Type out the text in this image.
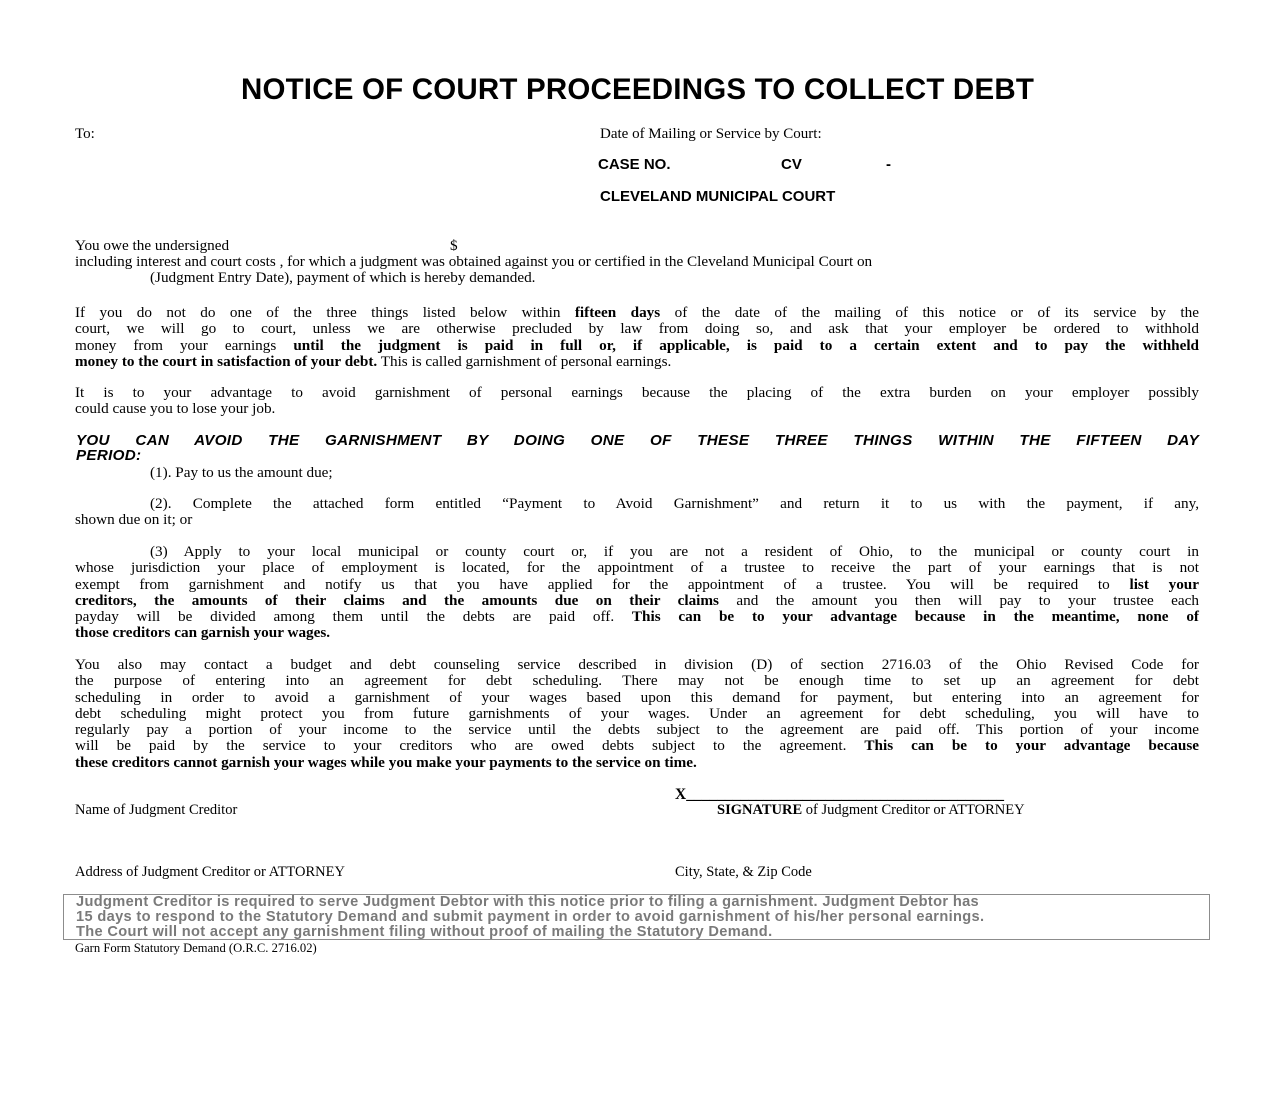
NOTICE OF COURT PROCEEDINGS TO COLLECT DEBT
To:	Date of Mailing or Service by Court:
CASE NO.	CV	-
CLEVELAND MUNICIPAL COURT
You owe the undersigned	$
including interest and court costs , for which a judgment was obtained against you or certified in the Cleveland Municipal Court on
(Judgment Entry Date), payment of which is hereby demanded.
If you do not do one of the three things listed below within fifteen days of the date of the mailing of this notice or of its service by the
court, we will go to court, unless we are otherwise precluded by law from doing so, and ask that your employer be ordered to withhold
money from your earnings until the judgment is paid in full or, if applicable, is paid to a certain extent and to pay the withheld
money to the court in satisfaction of your debt. This is called garnishment of personal earnings.
It is to your advantage to avoid garnishment of personal earnings because the placing of the extra burden on your employer possibly
could cause you to lose your job.
YOU CAN AVOID THE GARNISHMENT BY DOING ONE OF THESE THREE THINGS WITHIN THE FIFTEEN DAY
PERIOD:
(1). Pay to us the amount due;
(2). Complete the attached form entitled “Payment to Avoid Garnishment” and return it to us with the payment, if any,
shown due on it; or
(3) Apply to your local municipal or county court or, if you are not a resident of Ohio, to the municipal or county court in
whose jurisdiction your place of employment is located, for the appointment of a trustee to receive the part of your earnings that is not
exempt from garnishment and notify us that you have applied for the appointment of a trustee. You will be required to list your
creditors, the amounts of their claims and the amounts due on their claims and the amount you then will pay to your trustee each
payday will be divided among them until the debts are paid off. This can be to your advantage because in the meantime, none of
those creditors can garnish your wages.
You also may contact a budget and debt counseling service described in division (D) of section 2716.03 of the Ohio Revised Code for
the purpose of entering into an agreement for debt scheduling. There may not be enough time to set up an agreement for debt
scheduling in order to avoid a garnishment of your wages based upon this demand for payment, but entering into an agreement for
debt scheduling might protect you from future garnishments of your wages. Under an agreement for debt scheduling, you will have to
regularly pay a portion of your income to the service until the debts subject to the agreement are paid off. This portion of your income
will be paid by the service to your creditors who are owed debts subject to the agreement. This can be to your advantage because
these creditors cannot garnish your wages while you make your payments to the service on time.
X_________________________________________
SIGNATURE of Judgment Creditor or ATTORNEY
Name of Judgment Creditor
Address of Judgment Creditor or ATTORNEY	City, State, & Zip Code
Judgment Creditor is required to serve Judgment Debtor with this notice prior to filing a garnishment. Judgment Debtor has
15 days to respond to the Statutory Demand and submit payment in order to avoid garnishment of his/her personal earnings.
The Court will not accept any garnishment filing without proof of mailing the Statutory Demand.
Garn Form Statutory Demand (O.R.C. 2716.02)
